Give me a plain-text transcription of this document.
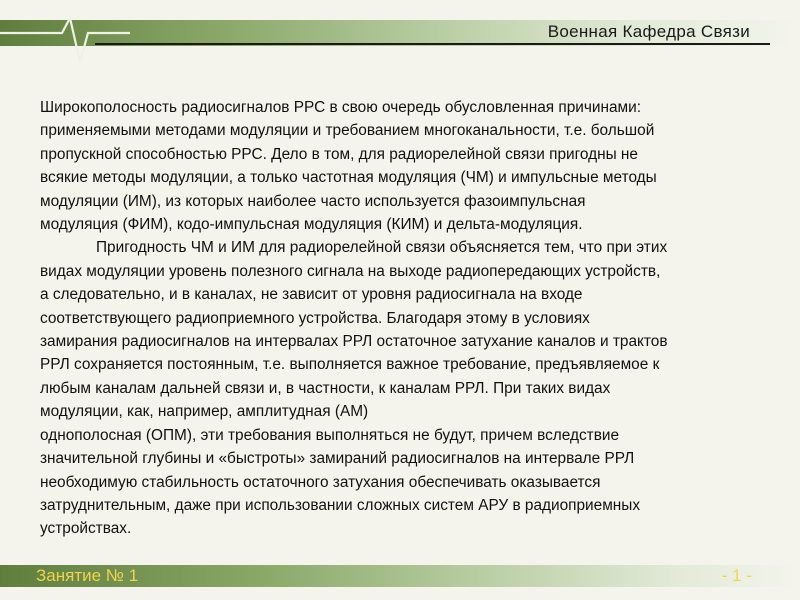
Военная Кафедра Связи

Широкополосность радиосигналов РРС в свою очередь обусловленная причинами:
применяемыми методами модуляции и требованием многоканальности, т.е. большой
пропускной способностью РРС. Дело в том, для радиорелейной связи пригодны не
всякие методы модуляции, а только частотная модуляция (ЧМ) и импульсные методы
модуляции (ИМ), из которых наиболее часто используется фазоимпульсная
модуляция (ФИМ), кодо-импульсная модуляция (КИМ) и дельта-модуляция.

Пригодность ЧМ и ИМ для радиорелейной связи объясняется тем, что при этих
видах модуляции уровень полезного сигнала на выходе радиопередающих устройств,
а следовательно, и в каналах, не зависит от уровня радиосигнала на входе
соответствующего радиоприемного устройства. Благодаря этому в условиях
замирания радиосигналов на интервалах РРЛ остаточное затухание каналов и трактов
РРЛ сохраняется постоянным, т.е. выполняется важное требование, предъявляемое к
любым каналам дальней связи и, в частности, к каналам РРЛ. При таких видах
модуляции, как, например, амплитудная (АМ)
однополосная (ОПМ), эти требования выполняться не будут, причем вследствие
значительной глубины и «быстроты» замираний радиосигналов на интервале РРЛ
необходимую стабильность остаточного затухания обеспечивать оказывается
затруднительным, даже при использовании сложных систем АРУ в радиоприемных
устройствах.

Занятие № 1	- 1 -
